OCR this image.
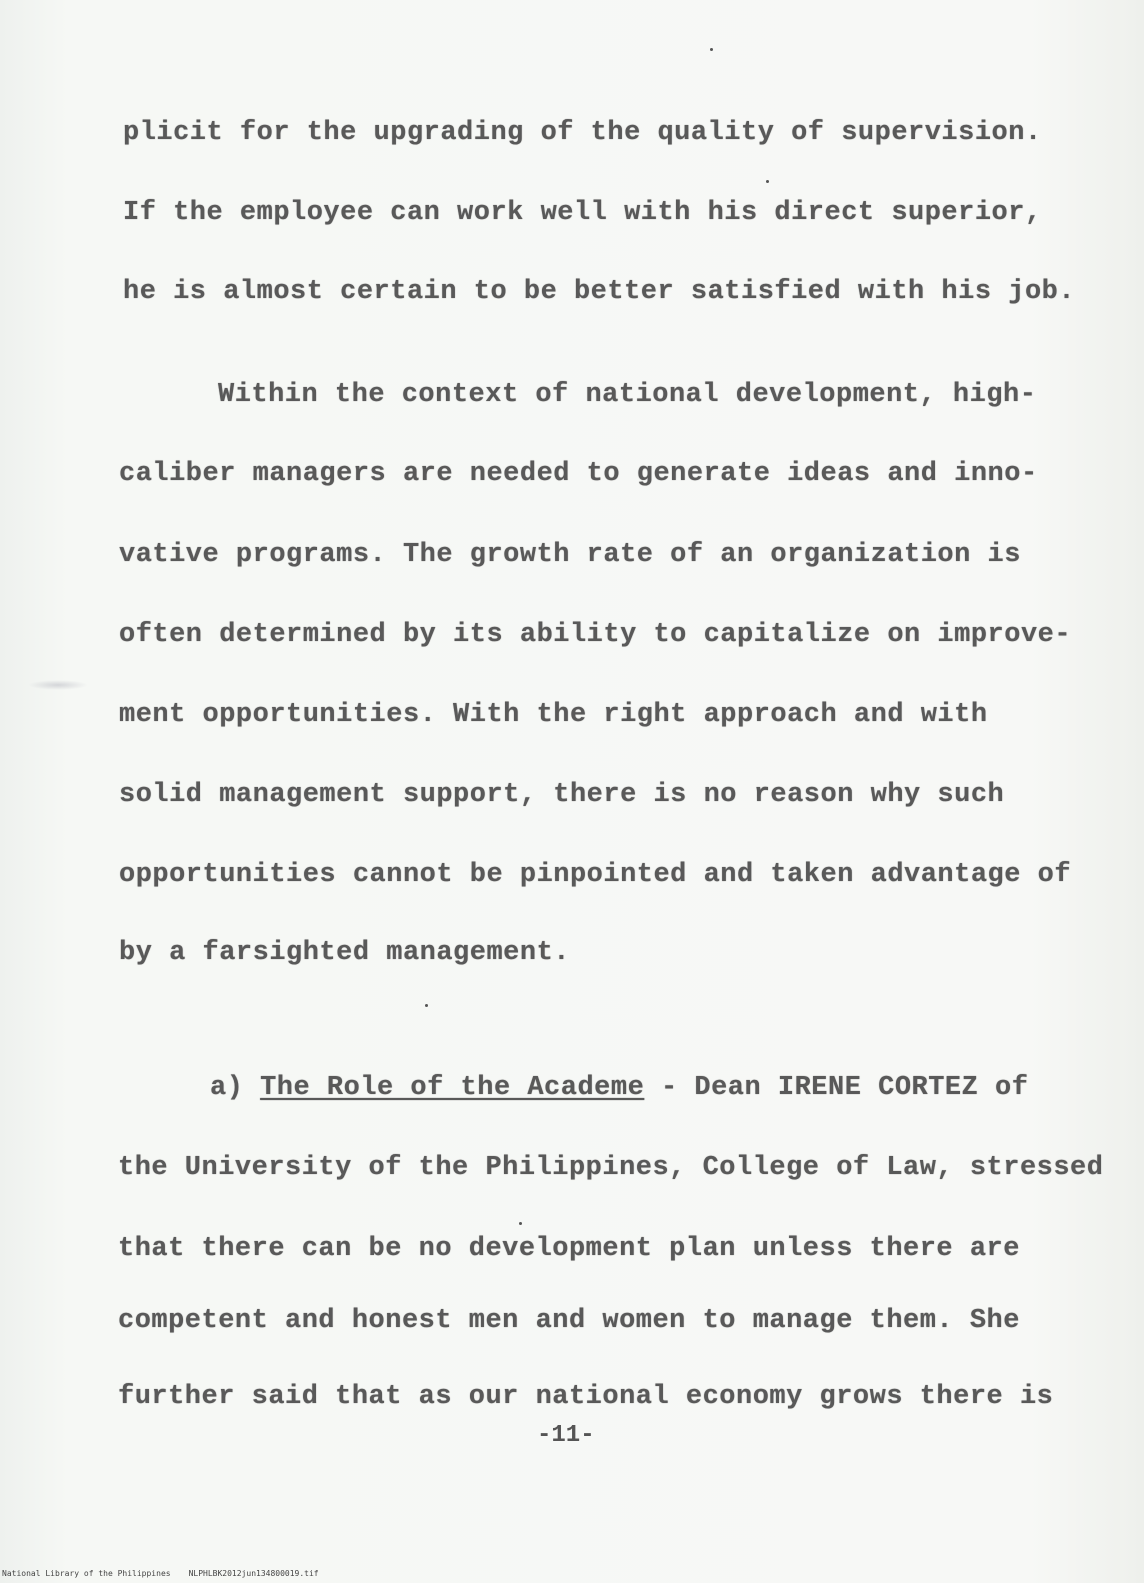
plicit for the upgrading of the quality of supervision.
If the employee can work well with his direct superior,
he is almost certain to be better satisfied with his job.
Within the context of national development, high-
caliber managers are needed to generate ideas and inno-
vative programs. The growth rate of an organization is
often determined by its ability to capitalize on improve-
ment opportunities. With the right approach and with
solid management support, there is no reason why such
opportunities cannot be pinpointed and taken advantage of
by a farsighted management.
a) The Role of the Academe - Dean IRENE CORTEZ of
the University of the Philippines, College of Law, stressed
that there can be no development plan unless there are
competent and honest men and women to manage them. She
further said that as our national economy grows there is
-11-
National Library of the Philippines NLPHLBK2012jun134800019.tif
